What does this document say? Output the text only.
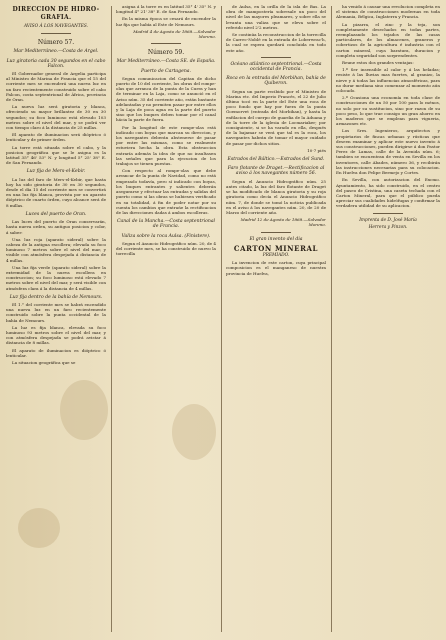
DIRECCION DE HIDRO-GRAFIA.
AVISO Á LOS NAVEGANTES.
Número 57.
Mar Mediterráneo.—Costa de Argel.
Luz giratoria cada 30 segundos en el cabo Falcon.

El Gobernador general de Argelia participa al Ministro de Marina de Francia que el 15 del corriente mes se encenderá una nueva luz en un faro recientemente construido sobre el cabo Falcon, costa septentrional de África, provincia de Oran.

La nueva luz será giratoria y blanca, ofreciendo su mayor brillantez de 30 en 30 segundos; su foco luminoso está elevado 103 metros sobre el nivel del mar, y se podrá ver con tiempo claro á la distancia de 25 millas.

El aparato de iluminacion será dióptrico ó lenticular y de primer órden.

La torre está situada sobre el cabo, y la posicion geográfica que se le asigna es la latitud 35° 46' 53" N. y longitud 5° 25' 38" E. de San Fernando.

Luz fija de Mers-el-Kebir.

La luz del faro de Mers-el-Kebir, que hasta hoy ha sido giratoria de 30 en 30 segundos, desde el día 15 del corriente mes se convertirá en una luz fija blanca, provista por un aparato dióptrico de cuarto órden, cuyo alcance será de 8 millas.

Luces del puerto de Oran.

Las luces del puerto de Oran conservarán, hasta nueva orden, su antiguo posicion y color, á saber:

Una luz roja (aparato sideral) sobre la cabeza de la antigua escollera; elevada su foco luminoso 7 metros sobre el nivel del mar, y visible con atmósfera despejada á distancia de 4 millas.

Una luz fija verde (aparato sideral) sobre la extremidad de la nueva escollera en construccion; su foco luminoso está elevado 7 metros sobre el nivel del mar, y será visible con atmósfera clara á la distancia de 4 millas.

Luz fija dentro de la bahía de Nemours.

El 1.° del corriente mes se habrá encendido una nueva luz en un faro recientemente construido sobre la punta occidental de la bahía de Nemours.

La luz es fija blanca, elevada su foco luminoso 93 metros sobre el nivel del mar, y con atmósfera despejada se podrá avistar á distancia de 8 millas.

El aparato de iluminacion es dióptrico ó lenticular.

La situacion geográfica que se

asigna á la torre es en latitud 35° 4' 35" N. y longitud 4° 21' 38" E. de San Fernando.

En la misma época se cesará de encender la luz fija que había al Este de Nemours.

Madrid 4 de Agosto de 1868.—Salvador Moreno.
Número 59.
Mar Mediterráneo.—Costa SE. de España.
Puerto de Cartagena.

Segun comunicacion del Capitan de dicho puerto de 10 del corriente, los obras del rompe-olas que arranca de la punta de la Curra y han de terminar en la Laja, como se anunció en el Aviso núm. 35 del corriente año, están bastante adelantadas y no permiten pasar por entre ellos y la Laja de poca agua en la parte del puerto sino que los buques deben tomar por el canal hácia la parte de fuera.

Por la longitud de este rompe-olas está indicado con boyas que marcan su direccion, y los navegantes deberán abstenerse de pasar por entre las mismas, como se realmente estuviera hecha la obra. Esta obstruccion entraría además la idea de que no insultasen las señales que para la ejecucion de los trabajos se tienen puestas.

Con respecto al rompe-olas que debe arrancar de la punta de Navidad, como no está empezado todavía, pero sí indicado con boyas, los buques entrantes y salientes deberán asegurarse y efectuar las entradas y salidas del puerto como si las obras se hubiesen verificado en su totalidad, á fin de poder notar por su cuenta los cambios que entrañe la rectificacion de las direcciones dadas á ambos escolleras.

Canal de la Mancha.—Costa septentrional de Francia.
Valiza sobre la roca Aulsa. (Finistere).

Segun el Anuncio Hidrográfico núm. 20, de 4 del corriente mes, se ha construido de nuevo la torrecilla

de Aulsa, en la orilla de la isla de Bas. La obra de mampostería sobresale un poco del nivel de las mayores pleamares, y sobre ella se levanta una valiza que se eleva sobre el referido nivel 2'2 metros.

Se continúa la reconstruccion de la torrecilla de Carrec-Noblé en la entrada de Loberwrac'h, la cual se espera quedará concluida en todo este año.

Océano atlántico septentrional.—Costa occidental de Francia.
Roca en la entrada del Morbihan, bahía de Quiberon.

Segun un parte recibido por el Ministro de Marina etc. del Imperio Francés, el 22 de Julio último tocó en la parte del Este una roca de poco fondo que hay por fuera de la punta Goemorvet (entrada del Morbihan), y hasta la enfilacion del cuerpo de guardia de la Aduana y de la torre de la iglesia de Locmariaker; por consiguiente, si se ha varado en ella, después de la bajamar se verá que tal es la roca, los navegantes habrán de tomar el mayor cuidado de pasar por dichos sitios.

10·7 piés
Estrados del Báltico.—Estrados del Sund.
Faro flotante de Draget.—Rectificacion al aviso á los navegantes número 56.

Segun el Anuncio Hidrográfico núm. 25 antes citado, la luz del faro flotante de Draget se ha modificado de blanca giratoria y su roja giratoria como decía el Anuncio Hidrográfico núm. 7, de donde se tomó la noticia publicada en el aviso á los navegantes núm. 20, de 20 de Marzo del corriente año.

Madrid 12 de Agosto de 1868.—Salvador Moreno.
El gran invento del dia
CARTON MINERAL
PREMIADO.

La invencion de este carton, cuya principal composicion es el manganeso de nuestra provincia de Huelva,

ha venido á causar una revolucion completa en el sistema de construcciones modernas en toda Alemania, Bélgica, Inglaterra y Francia.

La pizarra, el zinc y la teja, son completamente desechados en todas partes, reemplazando los tejados de las casas particulares, de los almacenes, graneros y cobertizos de la agricultura é industria con el carton mineral, cuya baratura, duracion y completa seguridad son sorprendentes.

Reune estos dos grandes ventajas:

1.ª Ser insensible al calor y á las heladas; resiste á las lluvias mas fuertes, al granizo, la nieve y á todas las influencias atmosféricas, para no durar mediana sino comenzar al momento aún colocado.

2.ª Ocasiona una economía en toda clase de construcciones de un 50 por 100 para lo ménos, no solo por su sustitucion, sino por razon de su poco peso, lo que trae consigo un gran ahorro en los maderos que se emplean para vigueria, armazones etc.

Los Sres. Ingenieros, arquitectos y propietarios de fincas urbanas y rústicas que deseen examinar y aplicar este nuevo invento á sus construcciones, pueden dirigirse á don Pastor Perez de Lamas, calle de la Avenida núm. 6; tambien se encuentran de venta en Sevilla en los inventores, calle Abades, número 36, y recibirán las instrucciones necesarias para su colocacion. En Huelva don Felipe Bermejo y Cortes.

En Sevilla, con autorizacion del Excmo. Ayuntamiento, ha sido construido, en el centro del paseo de Cristina, una caseta techada con el Carton Mineral, para que el público pueda apreciar sus cualidades hidrófugas y confirmar la verdadera utilidad de su aplicacion.

Imprenta de D. José María
Herrera y Pinzon.
